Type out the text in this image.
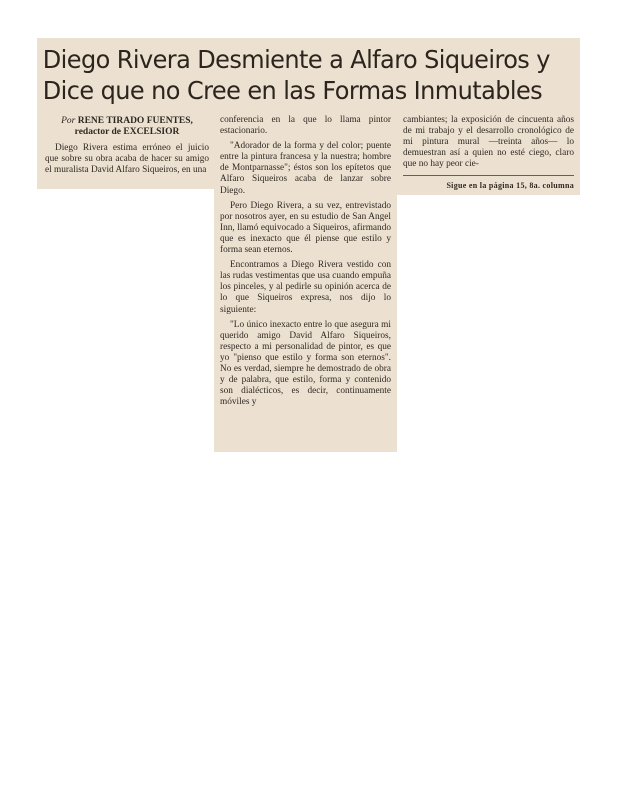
Diego Rivera Desmiente a Alfaro Siqueiros y
Dice que no Cree en las Formas Inmutables
Por RENE TIRADO FUENTES,
redactor de EXCELSIOR

Diego Rivera estima erróneo el juicio que sobre su obra acaba de hacer su amigo el muralista David Alfaro Siqueiros, en una

conferencia en la que lo llama pintor estacionario.

"Adorador de la forma y del color; puente entre la pintura francesa y la nuestra; hombre de Montparnasse"; éstos son los epítetos que Alfaro Siqueiros acaba de lanzar sobre Diego.

Pero Diego Rivera, a su vez, entrevistado por nosotros ayer, en su estudio de San Angel Inn, llamó equivocado a Siqueiros, afirmando que es inexacto que él piense que estilo y forma sean eternos.

Encontramos a Diego Rivera vestido con las rudas vestimentas que usa cuando empuña los pinceles, y al pedirle su opinión acerca de lo que Siqueiros expresa, nos dijo lo siguiente:

"Lo único inexacto entre lo que asegura mi querido amigo David Alfaro Siqueiros, respecto a mi personalidad de pintor, es que yo "pienso que estilo y forma son eternos". No es verdad, siempre he demostrado de obra y de palabra, que estilo, forma y contenido son dialécticos, es decir, continuamente móviles y

cambiantes; la exposición de cincuenta años de mi trabajo y el desarrollo cronológico de mi pintura mural —treinta años— lo demuestran así a quien no esté ciego, claro que no hay peor cie-

Sigue en la página 15, 8a. columna
